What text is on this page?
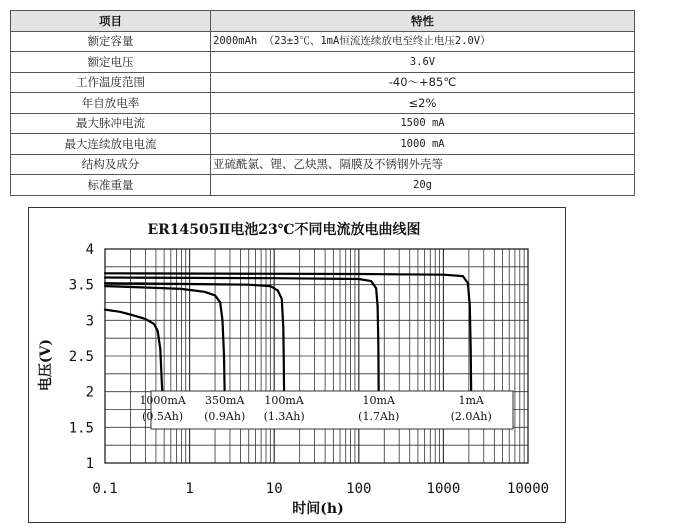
项目	特性
额定容量	2000mAh （23±3℃、1mA恒流连续放电至终止电压2.0V）
额定电压	3.6V
工作温度范围	-40～+85℃
年自放电率	≤2%
最大脉冲电流	1500 mA
最大连续放电电流	1000 mA
结构及成分	亚硫酰氯、锂、乙炔黑、隔膜及不锈钢外壳等
标准重量	20g
ER14505Ⅱ电池23℃不同电流放电曲线图
0.1	1	10	100	1000	10000
1
1.5
2
2.5
3
3.5
4
1000mA
(0.5Ah)
350mA
(0.9Ah)
100mA
(1.3Ah)
10mA
(1.7Ah)
1mA
(2.0Ah)
时间(h)
电压(V)
